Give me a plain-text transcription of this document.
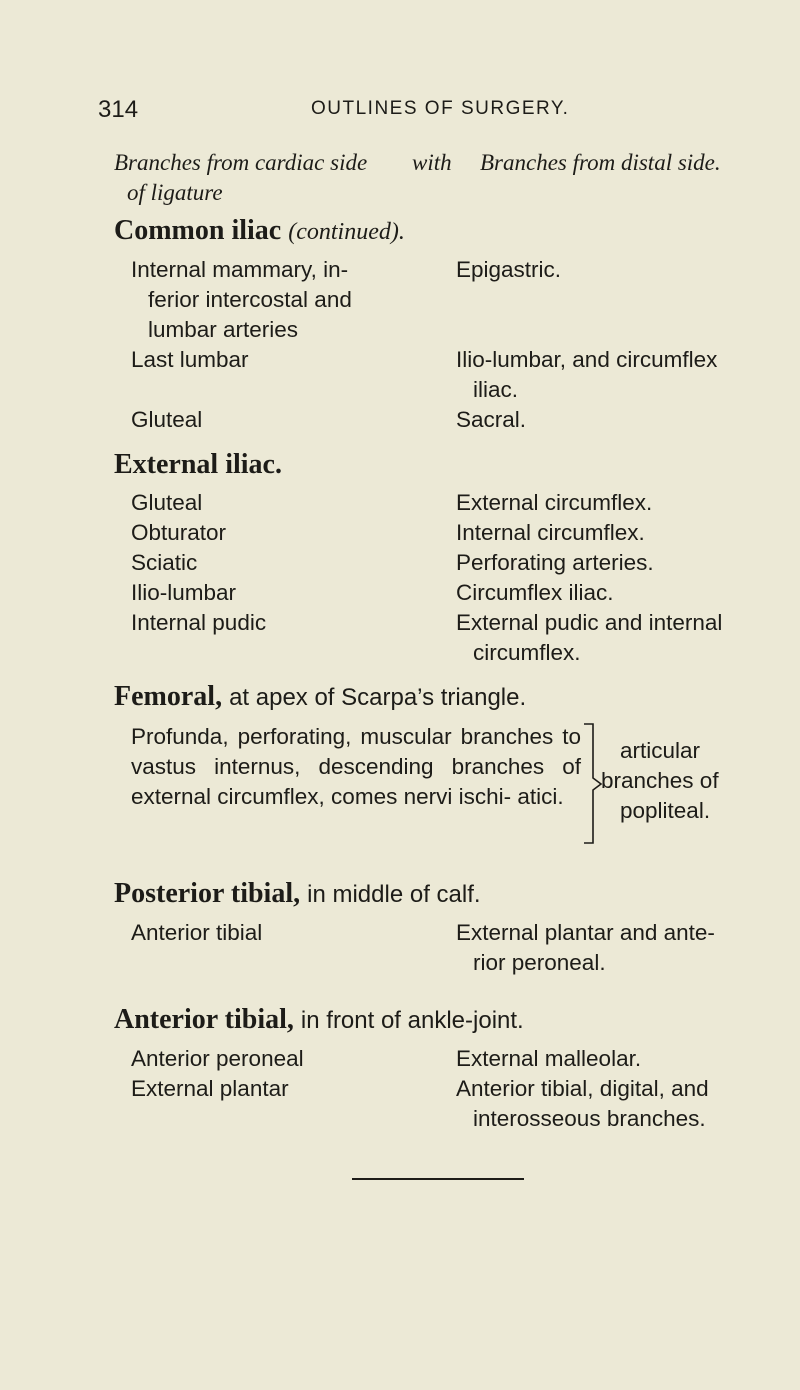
314	OUTLINES OF SURGERY.
Branches from cardiac side
of ligature
with Branches from distal side.
Common iliac (continued).
Internal mammary, in-	Epigastric.
ferior intercostal and
lumbar arteries
Last lumbar	Ilio-lumbar, and circumflex
iliac.
Gluteal	Sacral.
External iliac.
Gluteal	External circumflex.
Obturator	Internal circumflex.
Sciatic	Perforating arteries.
Ilio-lumbar	Circumflex iliac.
Internal pudic	External pudic and internal
circumflex.
Femoral, at apex of Scarpa’s triangle.
Profunda, perforating, muscular branches to vastus internus, descending branches of external circumflex, comes nervi ischi- atici.
articular
branches of
popliteal.
Posterior tibial, in middle of calf.
Anterior tibial	External plantar and ante-
rior peroneal.
Anterior tibial, in front of ankle-joint.
Anterior peroneal	External malleolar.
External plantar	Anterior tibial, digital, and
interosseous branches.
